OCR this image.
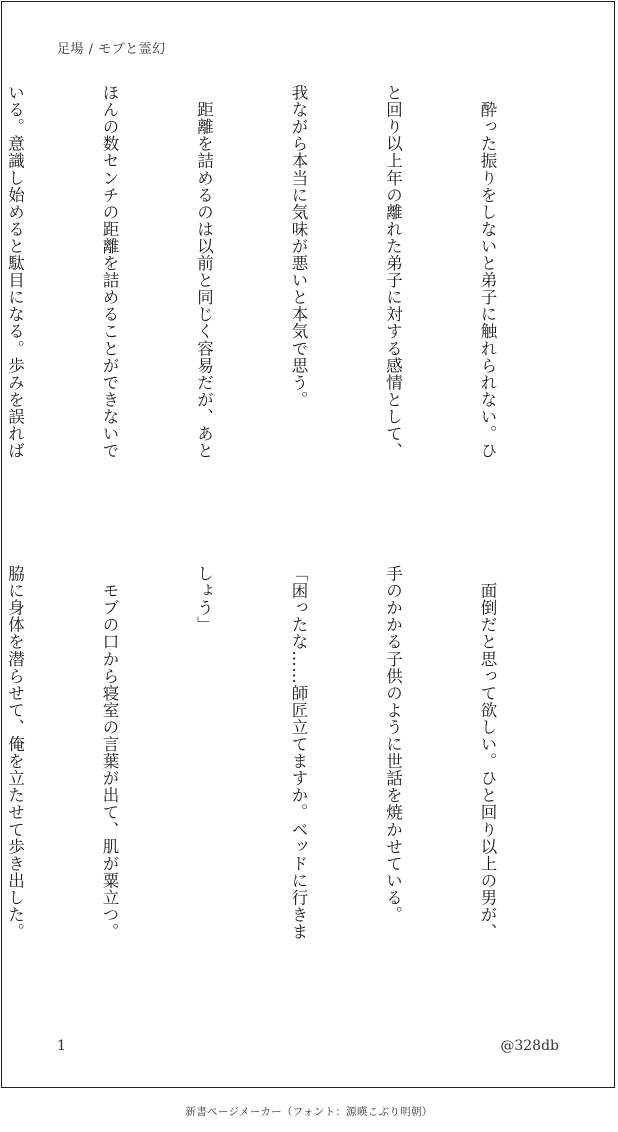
足場 / モブと霊幻

　酔った振りをしないと弟子に触れられない。ひ

と回り以上年の離れた弟子に対する感情として、

我ながら本当に気味が悪いと本気で思う。

　距離を詰めるのは以前と同じく容易だが、あと

ほんの数センチの距離を詰めることができないで

いる。意識し始めると駄目になる。歩みを誤れば

　面倒だと思って欲しい。ひと回り以上の男が、

手のかかる子供のように世話を焼かせている。

「困ったな……師匠立てますか。ベッドに行きま

しょう」

　モブの口から寝室の言葉が出て、肌が粟立つ。

脇に身体を潜らせて、俺を立たせて歩き出した。

1	@328db
新書ページメーカー（フォント：源暎こぶり明朝）
